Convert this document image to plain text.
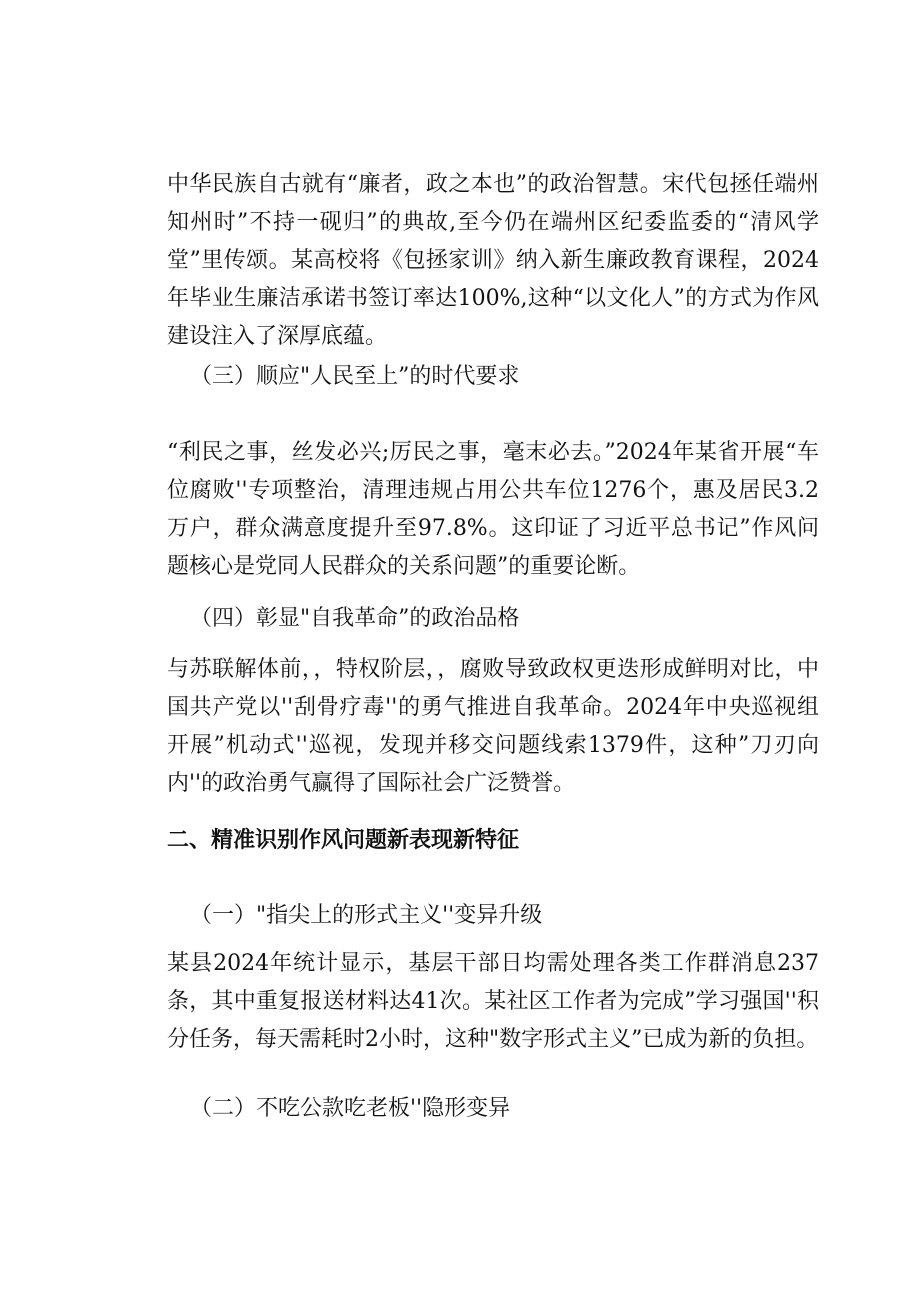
中华民族自古就有“廉者，政之本也”的政治智慧。宋代包拯任端州知州时”不持一砚归”的典故,至今仍在端州区纪委监委的“清风学堂”里传颂。某高校将《包拯家训》纳入新生廉政教育课程，2024年毕业生廉洁承诺书签订率达100%,这种“以文化人”的方式为作风建设注入了深厚底蕴。

（三）顺应"人民至上”的时代要求

“利民之事，丝发必兴;厉民之事，毫末必去。”2024年某省开展“车位腐败''专项整治，清理违规占用公共车位1276个，惠及居民3.2万户，群众满意度提升至97.8%。这印证了习近平总书记”作风问题核心是党同人民群众的关系问题”的重要论断。

（四）彰显"自我革命”的政治品格

与苏联解体前，，特权阶层，，腐败导致政权更迭形成鲜明对比，中国共产党以''刮骨疗毒''的勇气推进自我革命。2024年中央巡视组开展”机动式''巡视，发现并移交问题线索1379件，这种”刀刃向内''的政治勇气赢得了国际社会广泛赞誉。

二、精准识别作风问题新表现新特征

（一）"指尖上的形式主义''变异升级

某县2024年统计显示，基层干部日均需处理各类工作群消息237条，其中重复报送材料达41次。某社区工作者为完成”学习强国''积分任务，每天需耗时2小时，这种"数字形式主义”已成为新的负担。

（二）不吃公款吃老板''隐形变异
